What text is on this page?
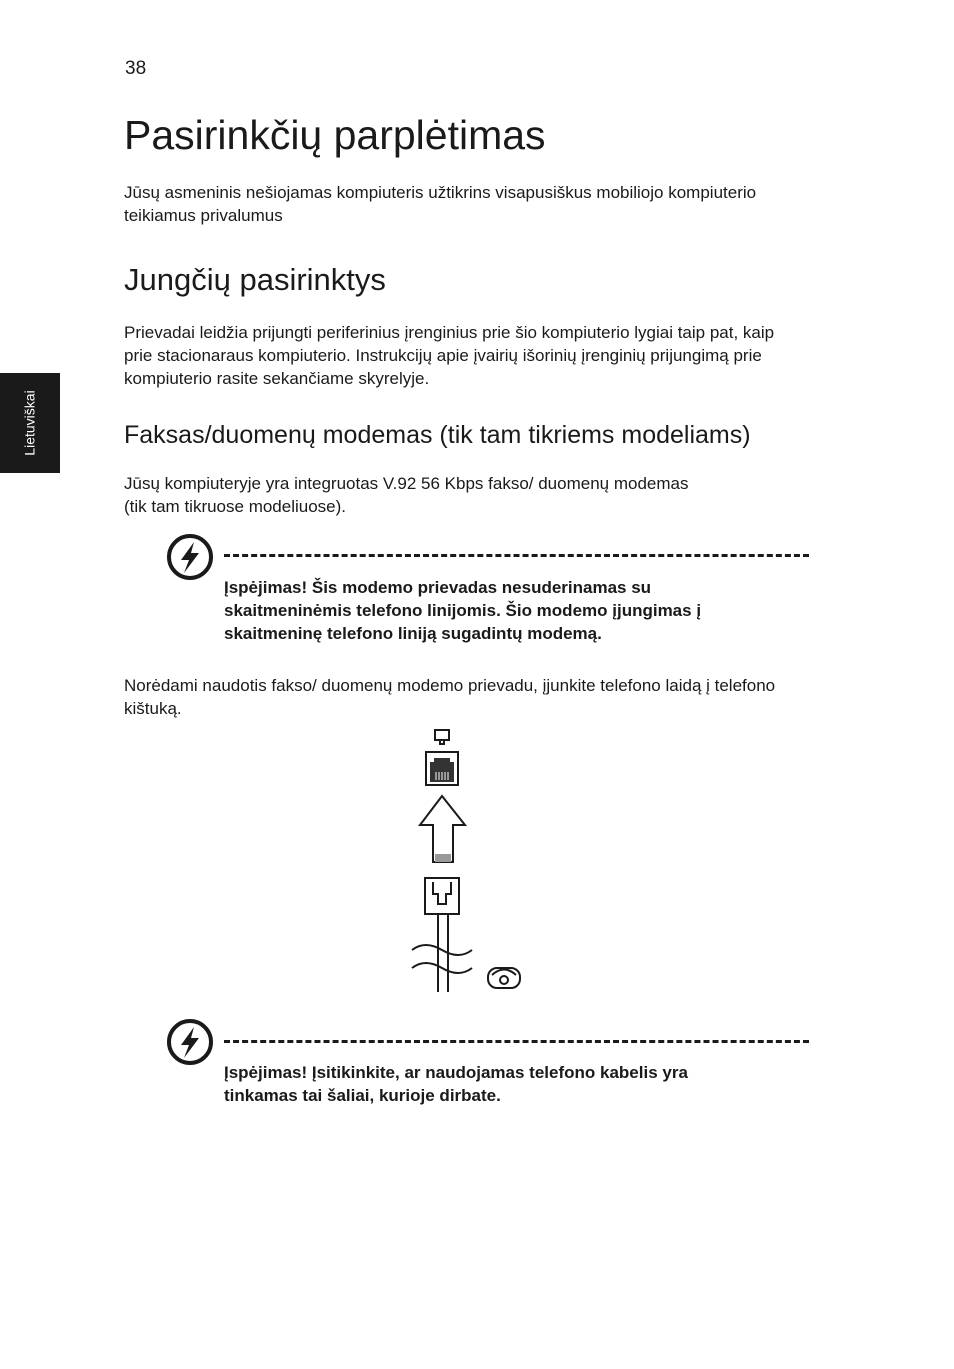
38
Lietuviškai
Pasirinkčių parplėtimas

Jūsų asmeninis nešiojamas kompiuteris užtikrins visapusiškus mobiliojo kompiuterio teikiamus privalumus

Jungčių pasirinktys

Prievadai leidžia prijungti periferinius įrenginius prie šio kompiuterio lygiai taip pat, kaip prie stacionaraus kompiuterio. Instrukcijų apie įvairių išorinių įrenginių prijungimą prie kompiuterio rasite sekančiame skyrelyje.

Faksas/duomenų modemas (tik tam tikriems modeliams)

Jūsų kompiuteryje yra integruotas V.92 56 Kbps fakso/ duomenų modemas

(tik tam tikruose modeliuose).

Įspėjimas! Šis modemo prievadas nesuderinamas su skaitmeninėmis telefono linijomis. Šio modemo įjungimas į skaitmeninę telefono liniją sugadintų modemą.

Norėdami naudotis fakso/ duomenų modemo prievadu, įjunkite telefono laidą į telefono kištuką.

Įspėjimas! Įsitikinkite, ar naudojamas telefono kabelis yra tinkamas tai šaliai, kurioje dirbate.
